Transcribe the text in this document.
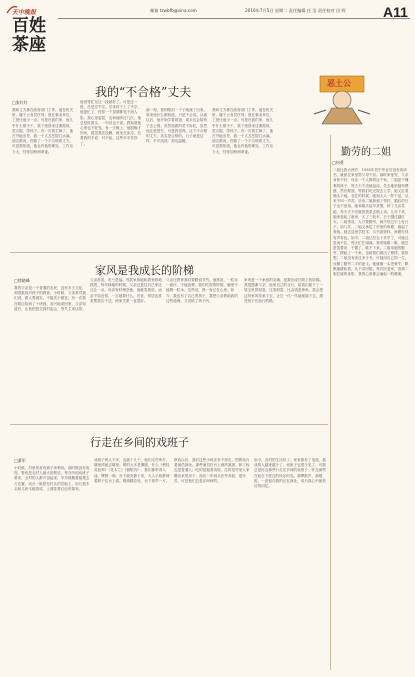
天中晚报
百姓
茶座
邮箱 tzwbfb@sina.com	2016年7月5日 星期二 责任编辑 任 浩 责任校对 田 野	A11
我的“不合格”丈夫
□张红红
我和丈夫都在政府部门工作。他在机关里，属于公务员序列；我在事业单位，工资比他少一点。可是在我们家，他几乎什么都不干，我下班回来还要做饭、洗衣服、带孩子。有一次我生病了，他在外地出差，我一个人去医院打点滴。朋友都说，你嫁了一个不合格的丈夫。可是我知道，他也有他的难处，工作压力大，经常加班到深夜。
他说等忙完这一段就好了。可是这一段，总是过不完。后来孩子上了小学，他更忙了，经常一个星期都见不到人影。我心里委屈，也和他吵过几次。他总是低着头，一句话也不说。我知道他心里也不好受。有一天晚上，他很晚才回来，看见我还没睡，就坐在床边，拉着我的手说：对不起，这些年辛苦你了。
那一刻，我的眼泪一下子就流了出来。原来他什么都知道，只是不会说。从那以后，他开始学着做饭，周末也会陪孩子去公园。虽然他做的菜不好吃，虽然他还是很忙，可是我觉得，这个不合格的丈夫，其实是合格的。日子就是这样，平平淡淡，却也温暖。
我和丈夫都在政府部门工作。他在机关里，属于公务员序列；我在事业单位，工资比他少一点。可是在我们家，他几乎什么都不干，我下班回来还要做饭、洗衣服、带孩子。有一次我生病了，他在外地出差，我一个人去医院打点滴。朋友都说，你嫁了一个不合格的丈夫。可是我知道，他也有他的难处，工作压力大，经常加班到深夜。
恶土公
勤劳的二姐
□何勇
二姐比我大两岁，1985年初中毕业后没有再读书，就留在家里帮父母干活。那时家里穷，父亲身体不好，母亲一个人撑着这个家。二姐是个懂事的孩子，每天天不亮就起床，先去地里割草喂猪，然后做饭，等我们吃完饭去上学，她又扛着锄头下地。农忙的时候，她和大人一样干活，从来不叫一声苦。后来二姐嫁到了邻村，婚后的日子也不宽裕。她和姐夫起早贪黑，种了几亩菜地，每天天不亮就挑着菜去镇上卖。几年下来，她家盖起了新房，买了三轮车，日子越过越红火。二姐常说，人只要勤劳，就不怕过不上好日子。前几年，二姐又承包了村里的鱼塘，搞起了养殖。她去县里学技术，买书看资料，鱼塘办得有声有色。如今，二姐已经五十多岁了，可她还是闲不住，每天忙忙碌碌。我劝她歇一歇，她总是笑着说：干惯了，歇不下来。二姐用她的勤劳，撑起了一个家，也给我们做出了榜样。我常想，二姐没有读过多少书，可她用自己的一生，诠释了勤劳二字的意义。她就像一头老黄牛，默默地耕耘着，从不求回报。每次回老家，看到二姐忙碌的身影，我的心里都会涌起一股暖流。
家风是我成长的阶梯
□徐晓峰
我的父亲是一个普通的农民，没有多少文化，却很重视对孩子的教育。小时候，父亲常对我们说，做人要诚实，不能贪小便宜。有一次我在路边捡到了十块钱，高兴地拿回家，父亲知道后，让我把钱交到村委会，等失主来认领。
父亲常说，吃亏是福。邻居家的地和我家的地挨着，每年耕地的时候，父亲总是往自己家这边让一点。母亲有时埋怨他，他就笑着说，远亲不如近邻，一点地算什么。后来，邻居也常来帮我们干活，两家关系一直很好。
父亲还教育我们要勤俭节约。他常说，一粒米一滴汗，不能浪费。我们吃饭的时候，碗里不能剩一粒米。这些话，我一直记在心里。如今，我也有了自己的孩子，我把父亲教给我的这些道理，又讲给了孩子听。
家风是一个家庭的灵魂，是我们成长路上的阶梯。我很感谢父亲，他用自己的言行，给我们留下了一笔宝贵的财富。这笔财富，比金钱更珍贵。我会把这份家风传承下去，让它一代一代地延续下去，照亮孩子们前行的路。
行走在乡间的戏班子
□董军
小时候，村里常有戏班子来唱戏。那时候没有电视，看戏是农村人最大的娱乐。每当听说戏班子要来，全村的人都兴奋起来，早早就搬着板凳去占位置。戏台一般搭在村头的空地上，用几根木头和几块木板搭成，上面挂着红色的幕布。
戏班子的人不多，也就十几个，他们走村串乡，哪里请就去哪里。唱的大多是豫剧，什么《穆桂英挂帅》《花木兰》《朝阳沟》，我们都听得入迷。锣鼓一响，台下就安静下来，大人小孩都伸着脖子往台上看。唱到精彩处，台下掌声一片。
散戏以后，我们这些小孩还舍不得走，围着戏台看演员卸妆。那些演员在台上威风凛凛，卸了妆也是普通人，吃的是粗茶淡饭，住的是村里人家腾出来的房子。他们一年到头在外奔波，很辛苦，可是他们总是乐呵呵的。
如今，农村的生活好了，家家都有了电视，看戏的人越来越少了，戏班子也很少见了。可我总是怀念那些行走在乡间的戏班子，怀念那些在戏台下度过的快乐时光。那锣鼓声，那唱腔，一直留在我的记忆深处，成为我心中最美好的回忆。
